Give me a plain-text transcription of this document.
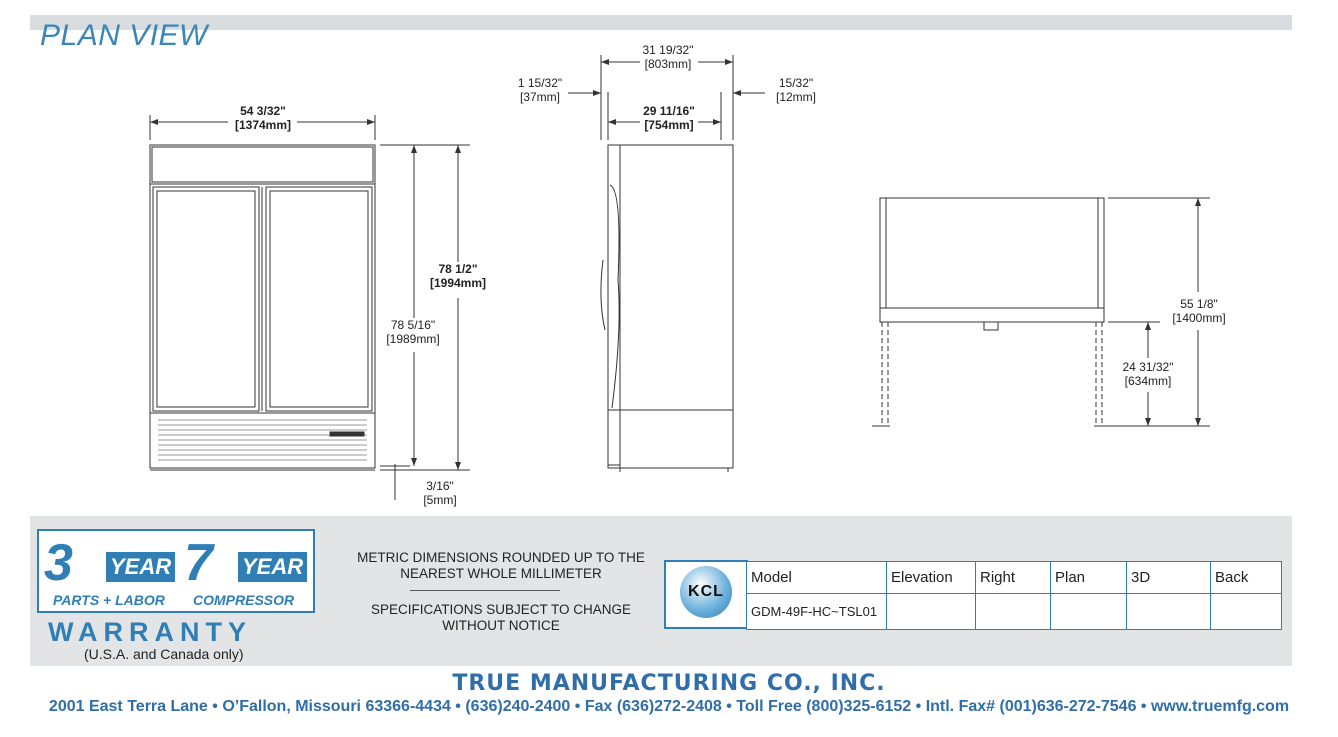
PLAN VIEW
54 3/32"
[1374mm]
78 1/2"
[1994mm]
78 5/16"
[1989mm]
3/16"
[5mm]
31 19/32"
[803mm]
1 15/32"
[37mm]
15/32"
[12mm]
29 11/16"
[754mm]
55 1/8"
[1400mm]
24 31/32"
[634mm]
3 YEAR
PARTS + LABOR
7 YEAR
COMPRESSOR
WARRANTY
(U.S.A. and Canada only)
METRIC DIMENSIONS ROUNDED UP TO THE
NEAREST WHOLE MILLIMETER
SPECIFICATIONS SUBJECT TO CHANGE
WITHOUT NOTICE
KCL
Model	Elevation	Right	Plan	3D	Back
GDM-49F-HC~TSL01					
TRUE MANUFACTURING CO., INC.
2001 East Terra Lane • O’Fallon, Missouri 63366-4434 • (636)240-2400 • Fax (636)272-2408 • Toll Free (800)325-6152 • Intl. Fax# (001)636-272-7546 • www.truemfg.com
